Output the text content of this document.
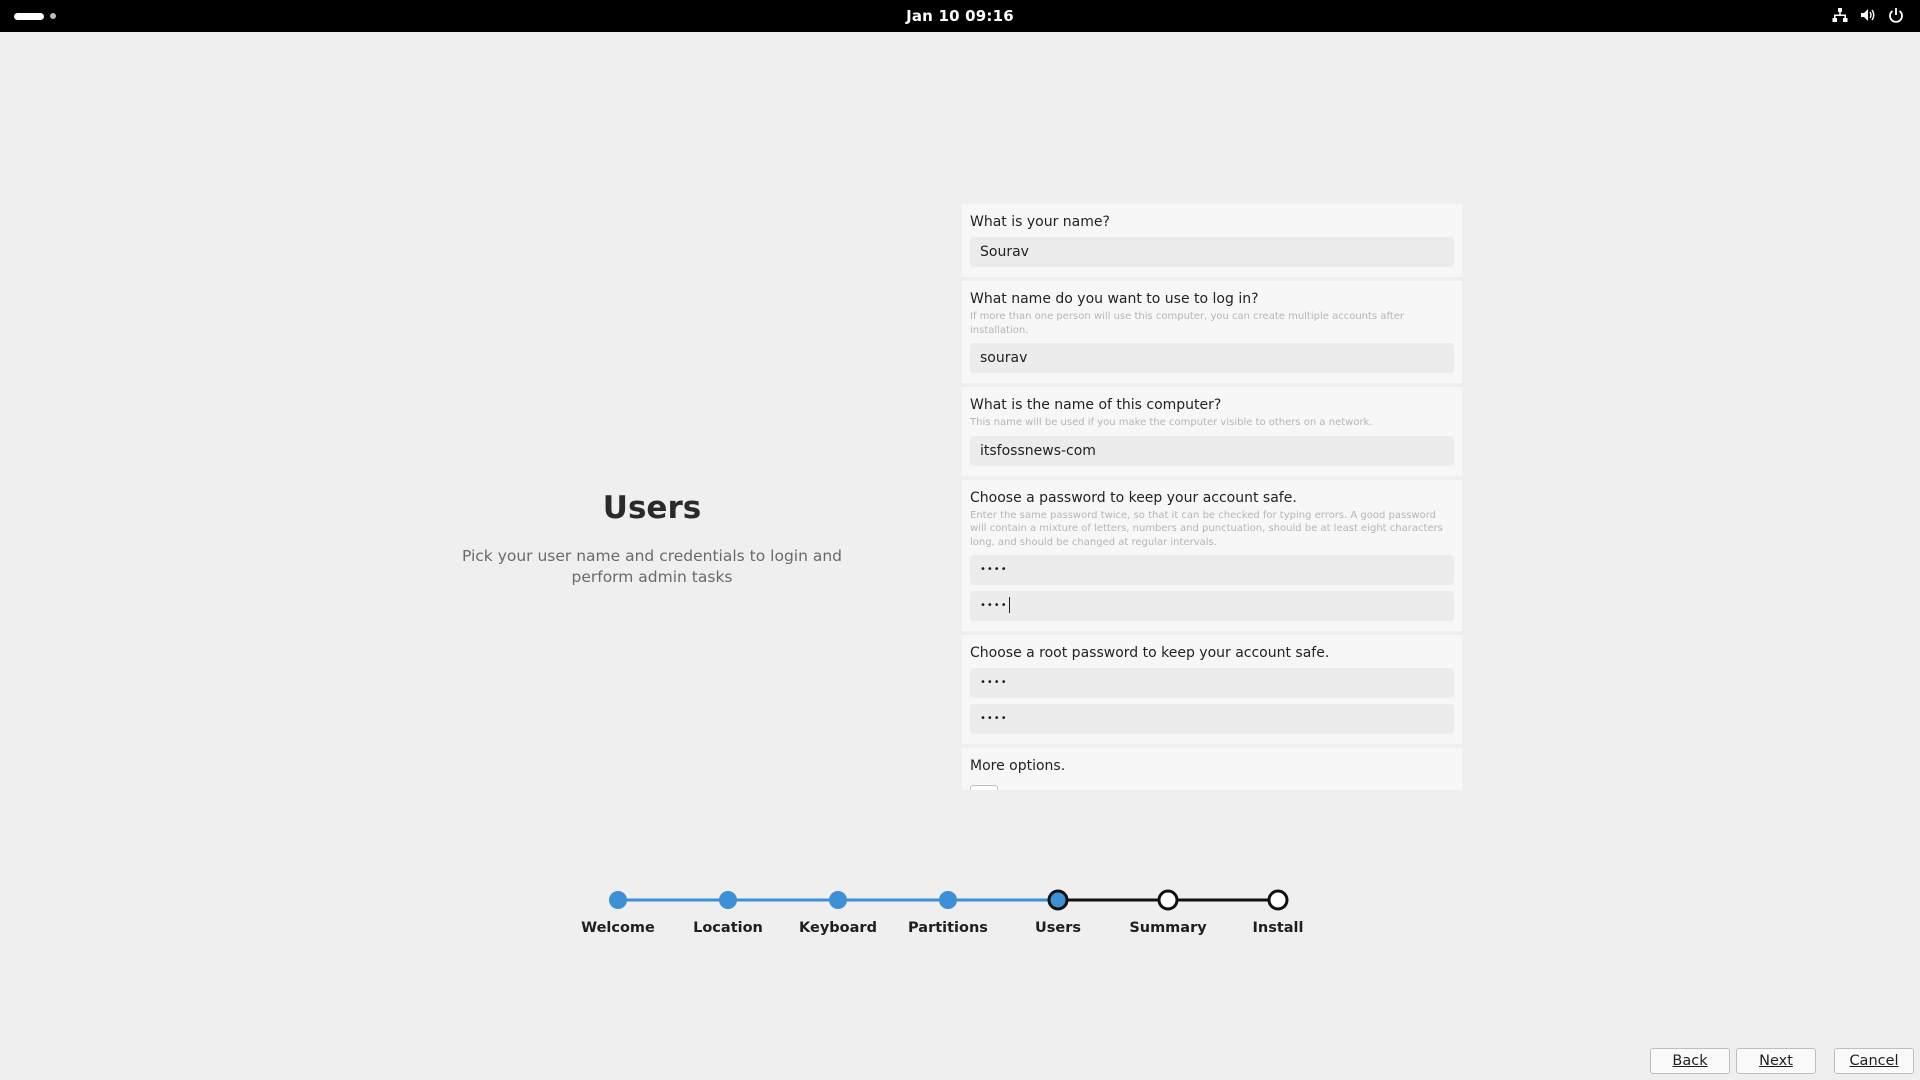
Jan 10 09:16
Users
Pick your user name and credentials to login and perform admin tasks
What is your name?
Sourav
What name do you want to use to log in?
If more than one person will use this computer, you can create multiple accounts after installation.
sourav
What is the name of this computer?
This name will be used if you make the computer visible to others on a network.
itsfossnews-com
Choose a password to keep your account safe.
Enter the same password twice, so that it can be checked for typing errors. A good password will contain a mixture of letters, numbers and punctuation, should be at least eight characters long, and should be changed at regular intervals.
••••
••••
Choose a root password to keep your account safe.
••••
••••
More options.
Welcome	Location	Keyboard	Partitions	Users	Summary	Install
Back	Next	Cancel
